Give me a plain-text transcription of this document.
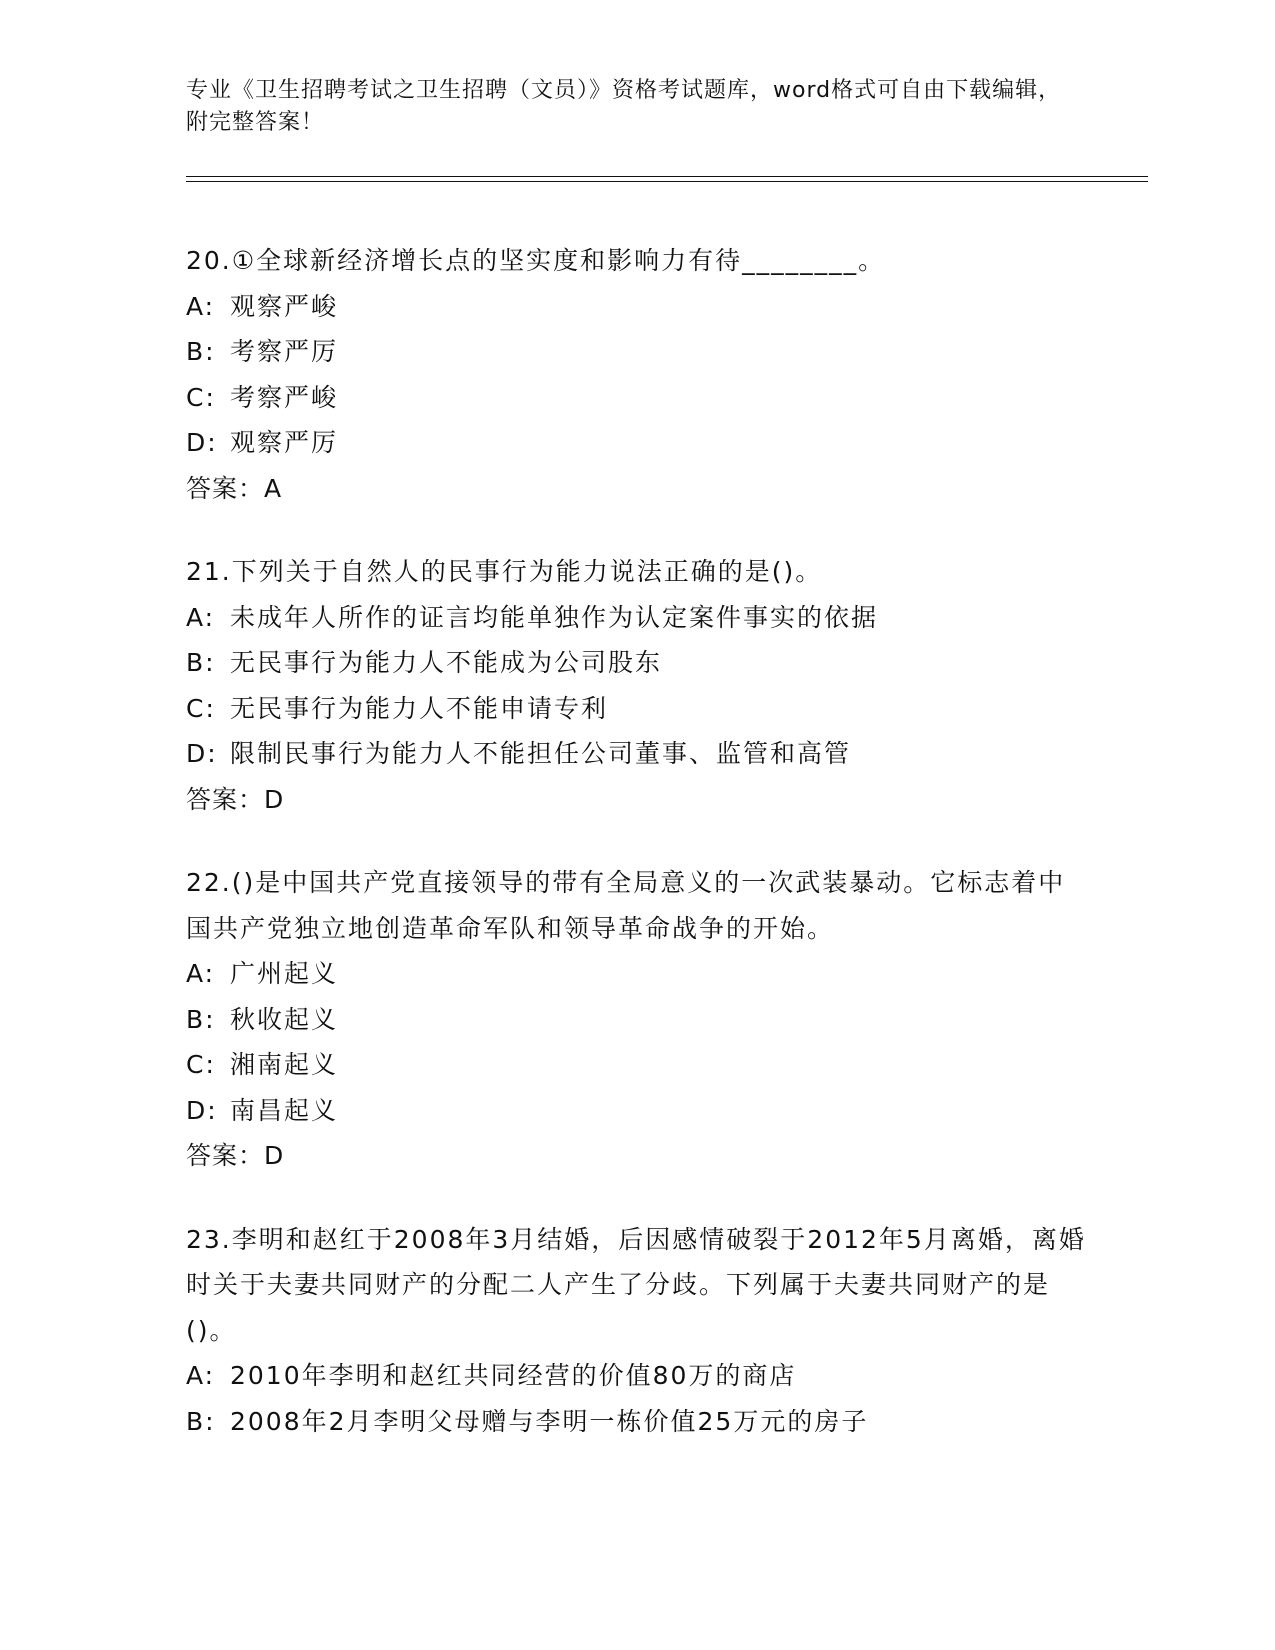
专业《卫生招聘考试之卫生招聘（文员）》资格考试题库，word格式可自由下载编辑，附完整答案！
20.①全球新经济增长点的坚实度和影响力有待________。
A: 观察严峻
B: 考察严厉
C: 考察严峻
D: 观察严厉
答案：A
21.下列关于自然人的民事行为能力说法正确的是()。
A: 未成年人所作的证言均能单独作为认定案件事实的依据
B: 无民事行为能力人不能成为公司股东
C: 无民事行为能力人不能申请专利
D: 限制民事行为能力人不能担任公司董事、监管和高管
答案：D
22.()是中国共产党直接领导的带有全局意义的一次武装暴动。它标志着中国共产党独立地创造革命军队和领导革命战争的开始。
A: 广州起义
B: 秋收起义
C: 湘南起义
D: 南昌起义
答案：D
23.李明和赵红于2008年3月结婚，后因感情破裂于2012年5月离婚，离婚时关于夫妻共同财产的分配二人产生了分歧。下列属于夫妻共同财产的是()。
A: 2010年李明和赵红共同经营的价值80万的商店
B: 2008年2月李明父母赠与李明一栋价值25万元的房子
